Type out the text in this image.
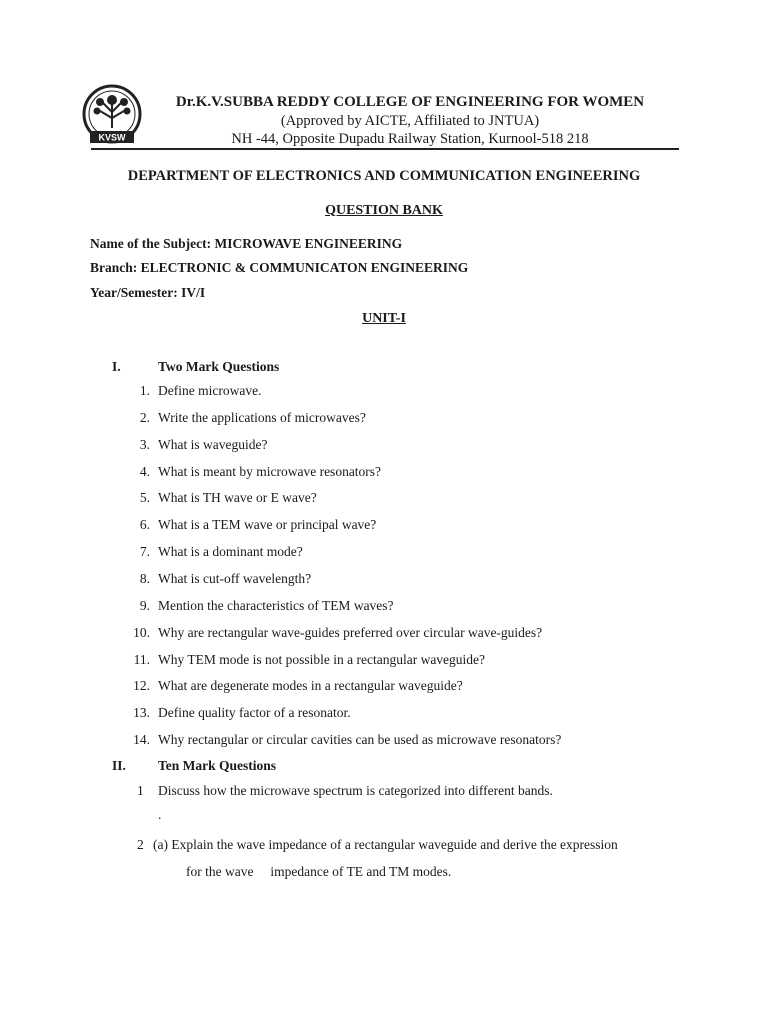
KVSW
Dr.K.V.SUBBA REDDY COLLEGE OF ENGINEERING FOR WOMEN
(Approved by AICTE, Affiliated to JNTUA)
NH -44, Opposite Dupadu Railway Station, Kurnool-518 218
DEPARTMENT OF ELECTRONICS AND COMMUNICATION ENGINEERING
QUESTION BANK
Name of the Subject: MICROWAVE ENGINEERING
Branch: ELECTRONIC & COMMUNICATON ENGINEERING
Year/Semester: IV/I
UNIT-I
I.	Two Mark Questions
1. Define microwave.
2. Write the applications of microwaves?
3. What is waveguide?
4. What is meant by microwave resonators?
5. What is TH wave or E wave?
6. What is a TEM wave or principal wave?
7. What is a dominant mode?
8. What is cut-off wavelength?
9. Mention the characteristics of TEM waves?
10. Why are rectangular wave-guides preferred over circular wave-guides?
11. Why TEM mode is not possible in a rectangular waveguide?
12. What are degenerate modes in a rectangular waveguide?
13. Define quality factor of a resonator.
14. Why rectangular or circular cavities can be used as microwave resonators?
II. Ten Mark Questions
1 Discuss how the microwave spectrum is categorized into different bands.
.
2 (a) Explain the wave impedance of a rectangular waveguide and derive the expression
for the wave     impedance of TE and TM modes.
